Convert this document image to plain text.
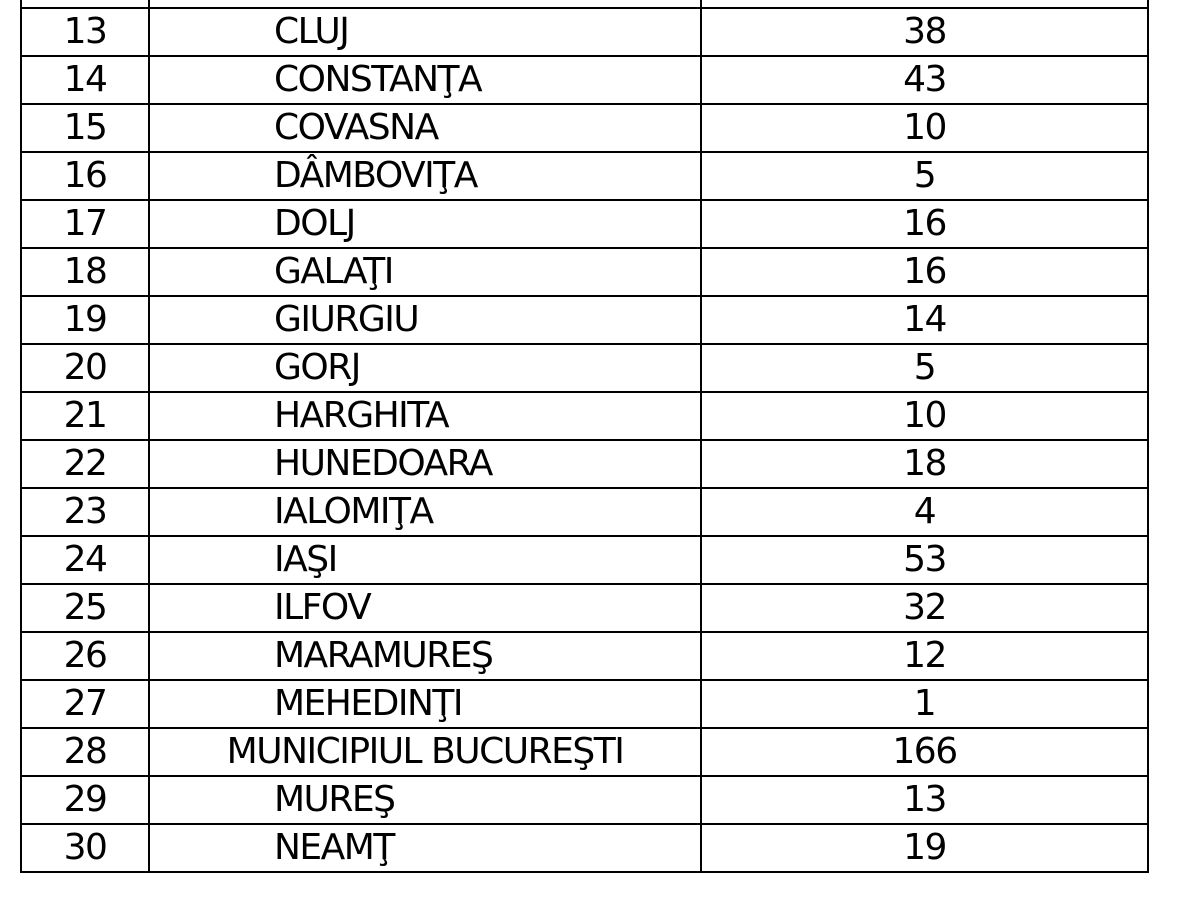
13	CLUJ	38
14	CONSTANŢA	43
15	COVASNA	10
16	DÂMBOVIŢA	5
17	DOLJ	16
18	GALAŢI	16
19	GIURGIU	14
20	GORJ	5
21	HARGHITA	10
22	HUNEDOARA	18
23	IALOMIŢA	4
24	IAŞI	53
25	ILFOV	32
26	MARAMUREŞ	12
27	MEHEDINŢI	1
28	MUNICIPIUL BUCUREŞTI	166
29	MUREŞ	13
30	NEAMŢ	19
